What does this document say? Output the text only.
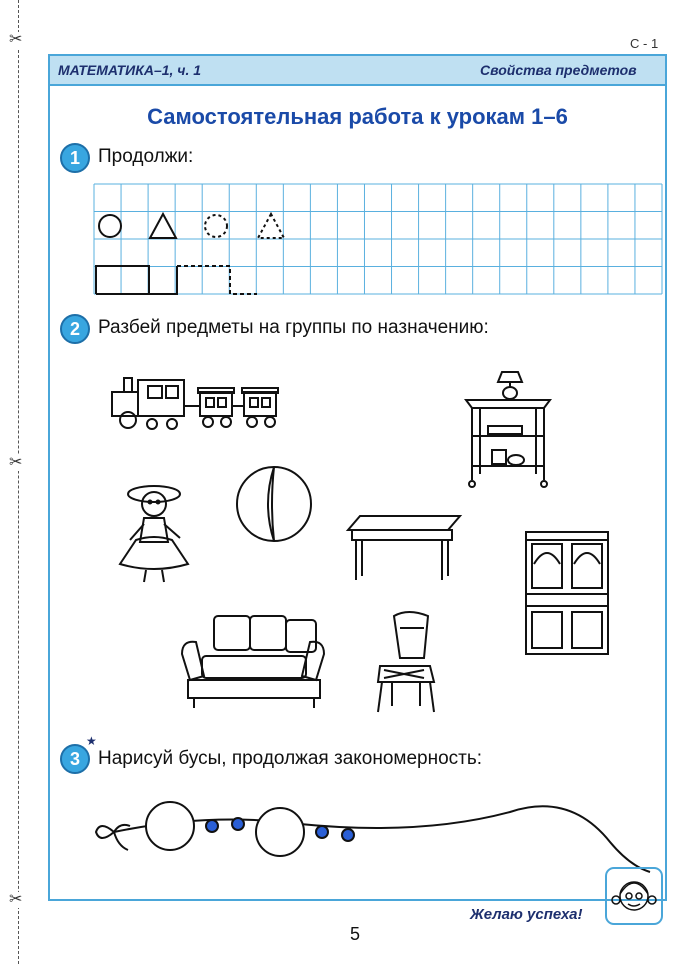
✂
✂
✂
С - 1
МАТЕМАТИКА–1, ч. 1	Свойства предметов
Самостоятельная работа к урокам 1–6
1 Продолжи:
2 Разбей предметы на группы по назначению:
★
3 Нарисуй бусы, продолжая закономерность:
Желаю успеха!
5
